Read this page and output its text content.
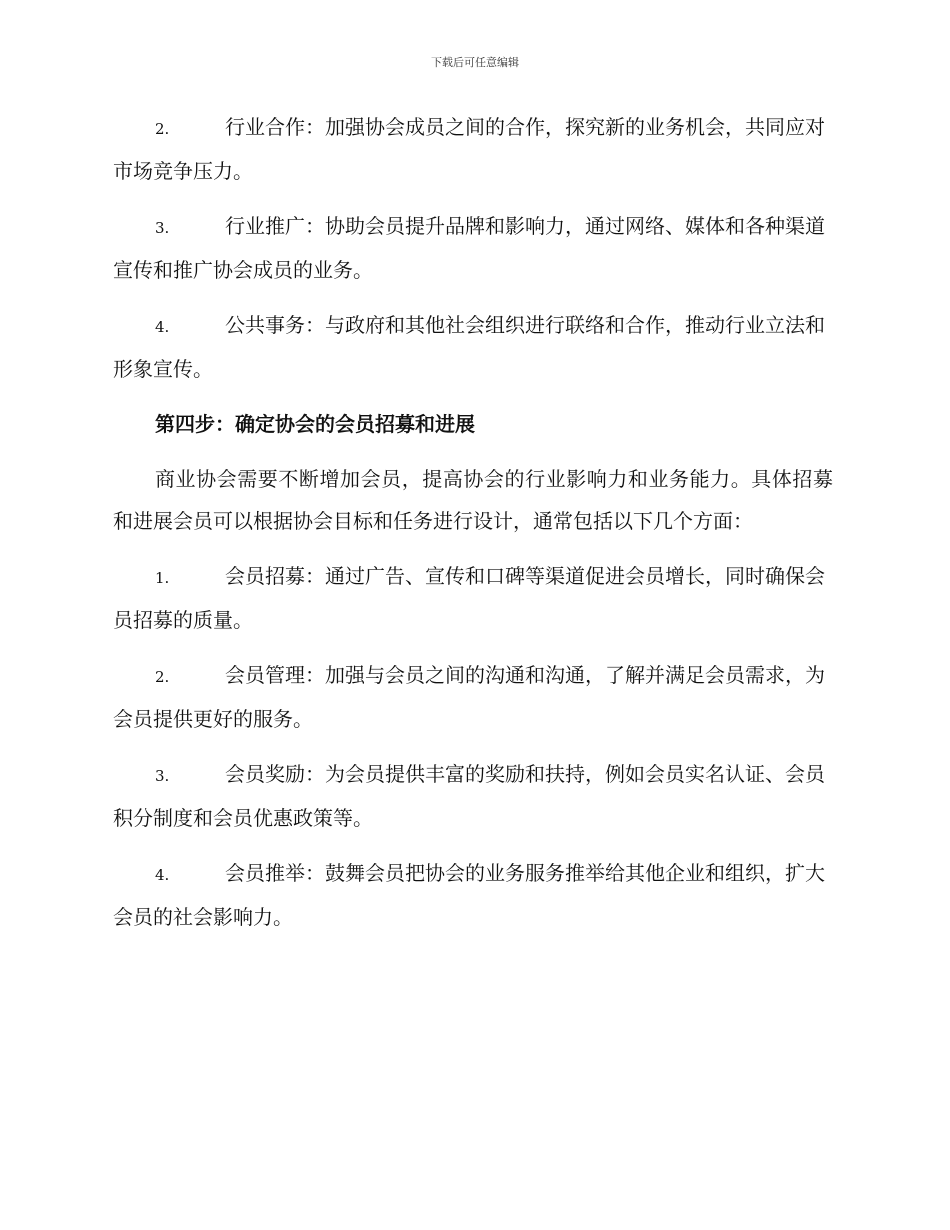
下载后可任意编辑
2.	行业合作：加强协会成员之间的合作，探究新的业务机会，共同应对市场竞争压力。
3.	行业推广：协助会员提升品牌和影响力，通过网络、媒体和各种渠道宣传和推广协会成员的业务。
4.	公共事务：与政府和其他社会组织进行联络和合作，推动行业立法和形象宣传。
第四步：确定协会的会员招募和进展
商业协会需要不断增加会员，提高协会的行业影响力和业务能力。具体招募和进展会员可以根据协会目标和任务进行设计，通常包括以下几个方面：
1.	会员招募：通过广告、宣传和口碑等渠道促进会员增长，同时确保会员招募的质量。
2.	会员管理：加强与会员之间的沟通和沟通，了解并满足会员需求，为会员提供更好的服务。
3.	会员奖励：为会员提供丰富的奖励和扶持，例如会员实名认证、会员积分制度和会员优惠政策等。
4.	会员推举：鼓舞会员把协会的业务服务推举给其他企业和组织，扩大会员的社会影响力。
